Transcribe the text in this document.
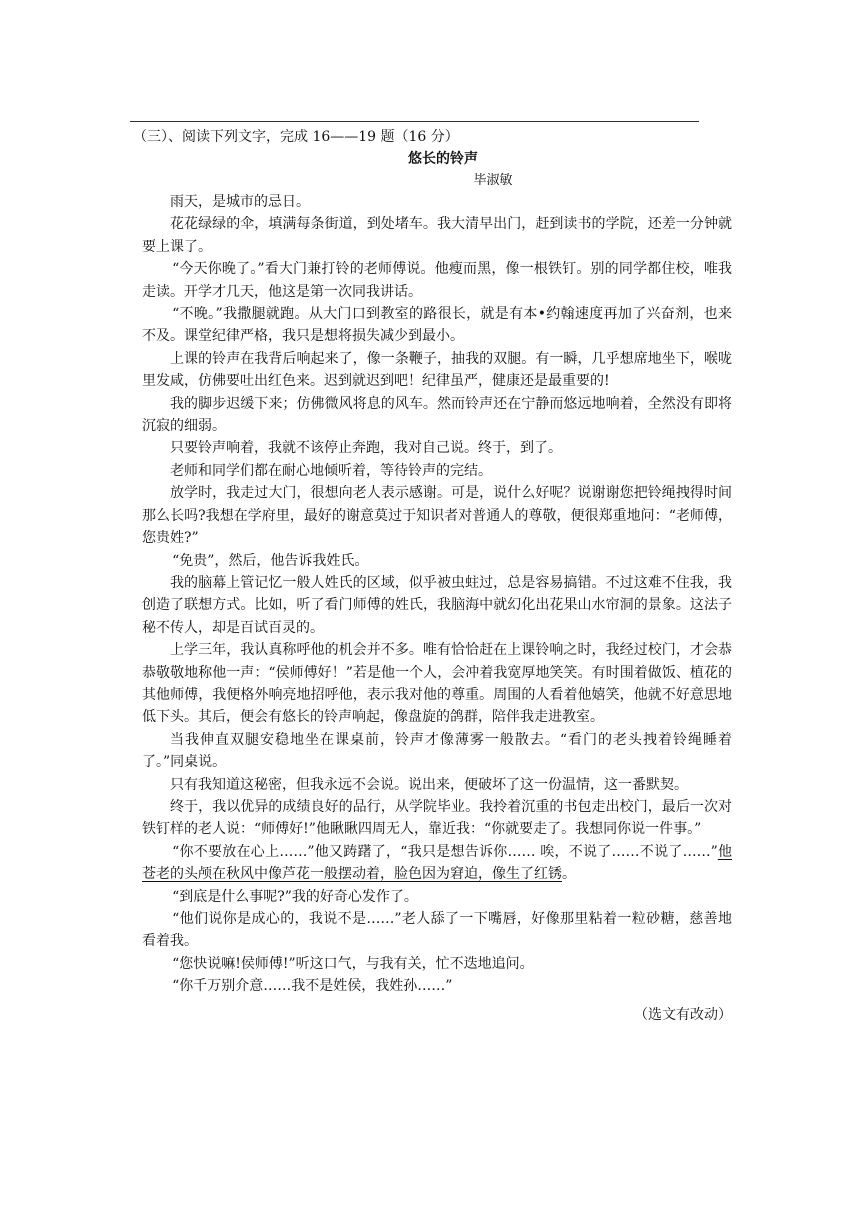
（三）、阅读下列文字，完成 16——19 题（16 分）

悠长的铃声

毕淑敏

雨天，是城市的忌日。

花花绿绿的伞，填满每条街道，到处堵车。我大清早出门，赶到读书的学院，还差一分钟就要上课了。

“今天你晚了。”看大门兼打铃的老师傅说。他瘦而黑，像一根铁钉。别的同学都住校，唯我走读。开学才几天，他这是第一次同我讲话。

“不晚。”我撒腿就跑。从大门口到教室的路很长，就是有本•约翰速度再加了兴奋剂，也来不及。课堂纪律严格，我只是想将损失减少到最小。

上课的铃声在我背后响起来了，像一条鞭子，抽我的双腿。有一瞬，几乎想席地坐下，喉咙里发咸，仿佛要吐出红色来。迟到就迟到吧！纪律虽严，健康还是最重要的!

我的脚步迟缓下来；仿佛微风将息的风车。然而铃声还在宁静而悠远地响着，全然没有即将沉寂的细弱。

只要铃声响着，我就不该停止奔跑，我对自己说。终于，到了。

老师和同学们都在耐心地倾听着，等待铃声的完结。

放学时，我走过大门，很想向老人表示感谢。可是，说什么好呢？说谢谢您把铃绳拽得时间那么长吗?我想在学府里，最好的谢意莫过于知识者对普通人的尊敬，便很郑重地问：“老师傅，您贵姓?”

“免贵”，然后，他告诉我姓氏。

我的脑幕上管记忆一般人姓氏的区域，似乎被虫蛀过，总是容易搞错。不过这难不住我，我创造了联想方式。比如，听了看门师傅的姓氏，我脑海中就幻化出花果山水帘洞的景象。这法子秘不传人，却是百试百灵的。

上学三年，我认真称呼他的机会并不多。唯有恰恰赶在上课铃响之时，我经过校门，才会恭恭敬敬地称他一声：“侯师傅好！”若是他一个人，会冲着我宽厚地笑笑。有时围着做饭、植花的其他师傅，我便格外响亮地招呼他，表示我对他的尊重。周围的人看着他嬉笑，他就不好意思地低下头。其后，便会有悠长的铃声响起，像盘旋的鸽群，陪伴我走进教室。

当我伸直双腿安稳地坐在课桌前，铃声才像薄雾一般散去。“看门的老头拽着铃绳睡着了。”同桌说。

只有我知道这秘密，但我永远不会说。说出来，便破坏了这一份温情，这一番默契。

终于，我以优异的成绩良好的品行，从学院毕业。我拎着沉重的书包走出校门，最后一次对铁钉样的老人说：“师傅好!”他瞅瞅四周无人，靠近我：“你就要走了。我想同你说一件事。”

“你不要放在心上……”他又踌躇了，“我只是想告诉你…… 唉，不说了……不说了……”他苍老的头颅在秋风中像芦花一般摆动着，脸色因为窘迫，像生了红锈。

“到底是什么事呢?”我的好奇心发作了。

“他们说你是成心的，我说不是……”老人舔了一下嘴唇，好像那里粘着一粒砂糖，慈善地看着我。

“您快说嘛!侯师傅!”听这口气，与我有关，忙不迭地追问。

“你千万别介意……我不是姓侯，我姓孙……”

（选文有改动）
